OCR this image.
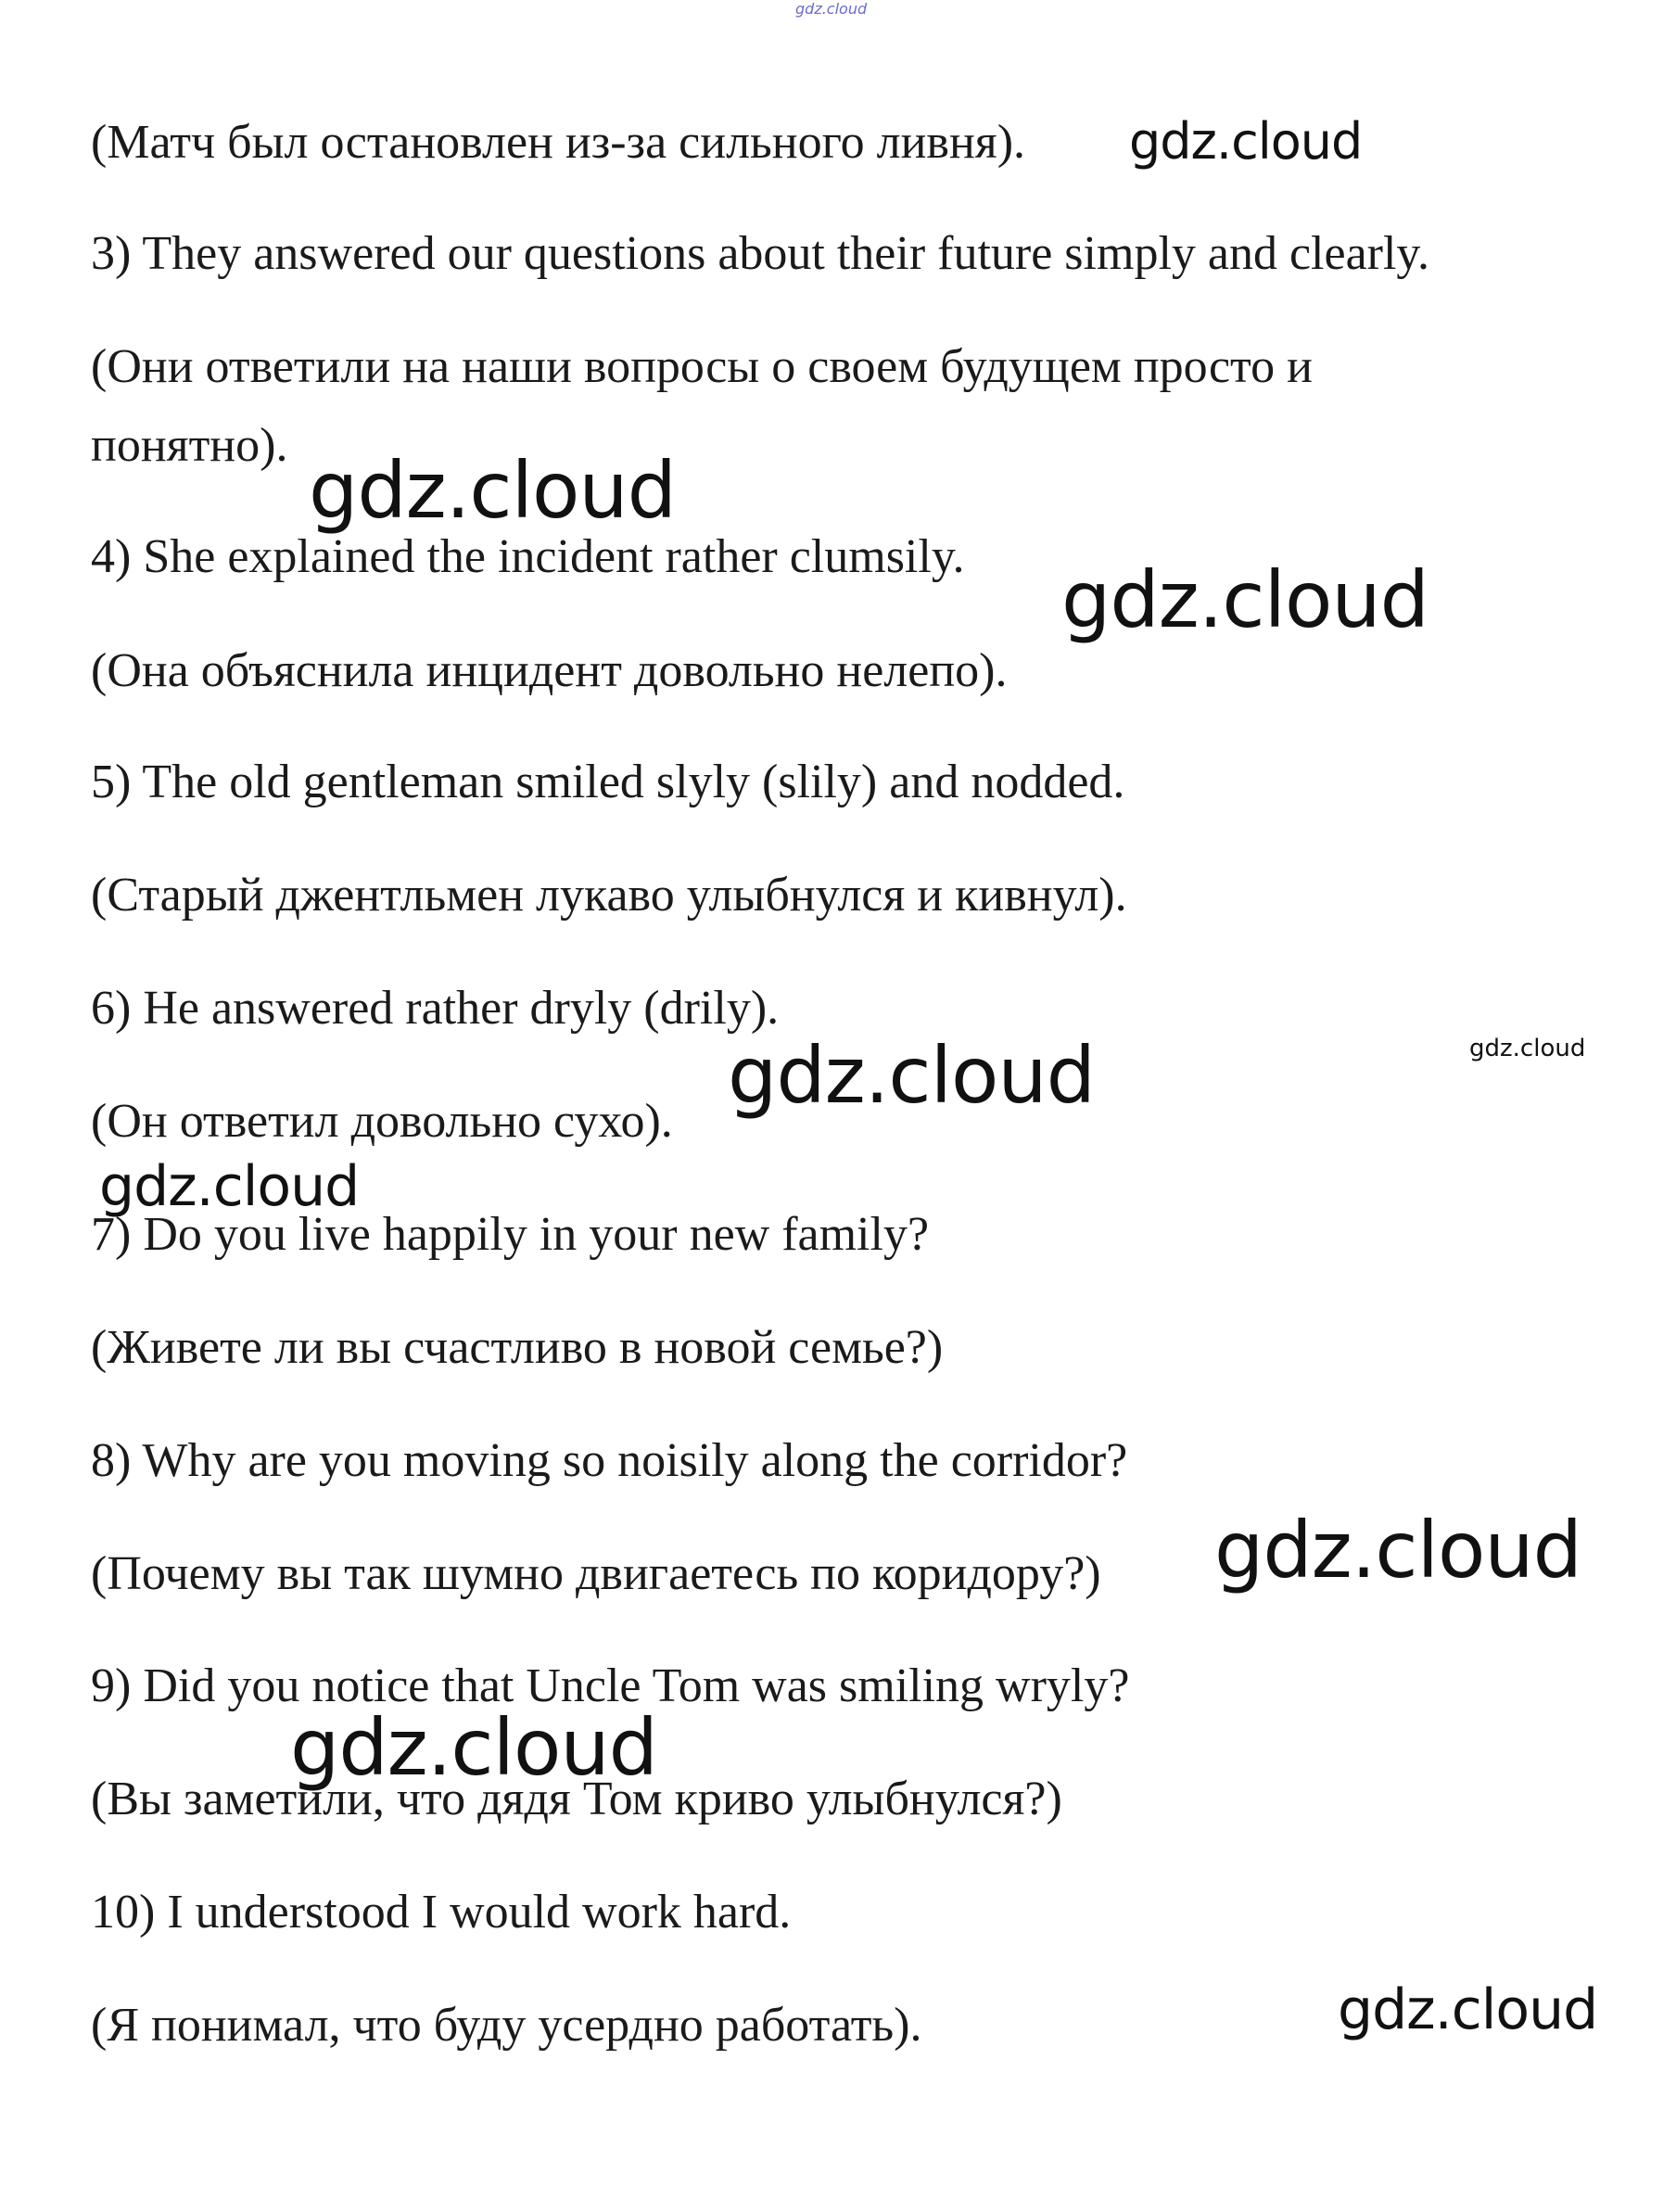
(Матч был остановлен из-за сильного ливня).

3) They answered our questions about their future simply and clearly.

(Они ответили на наши вопросы о своем будущем просто и

понятно).

4) She explained the incident rather clumsily.

(Она объяснила инцидент довольно нелепо).

5) The old gentleman smiled slyly (slily) and nodded.

(Старый джентльмен лукаво улыбнулся и кивнул).

6) He answered rather dryly (drily).

(Он ответил довольно сухо).

7) Do you live happily in your new family?

(Живете ли вы счастливо в новой семье?)

8) Why are you moving so noisily along the corridor?

(Почему вы так шумно двигаетесь по коридору?)

9) Did you notice that Uncle Tom was smiling wryly?

(Вы заметили, что дядя Том криво улыбнулся?)

10) I understood I would work hard.

(Я понимал, что буду усердно работать).

gdz.cloud
gdz.cloud
gdz.cloud
gdz.cloud
gdz.cloud	gdz.cloud
gdz.cloud
gdz.cloud
gdz.cloud
gdz.cloud
